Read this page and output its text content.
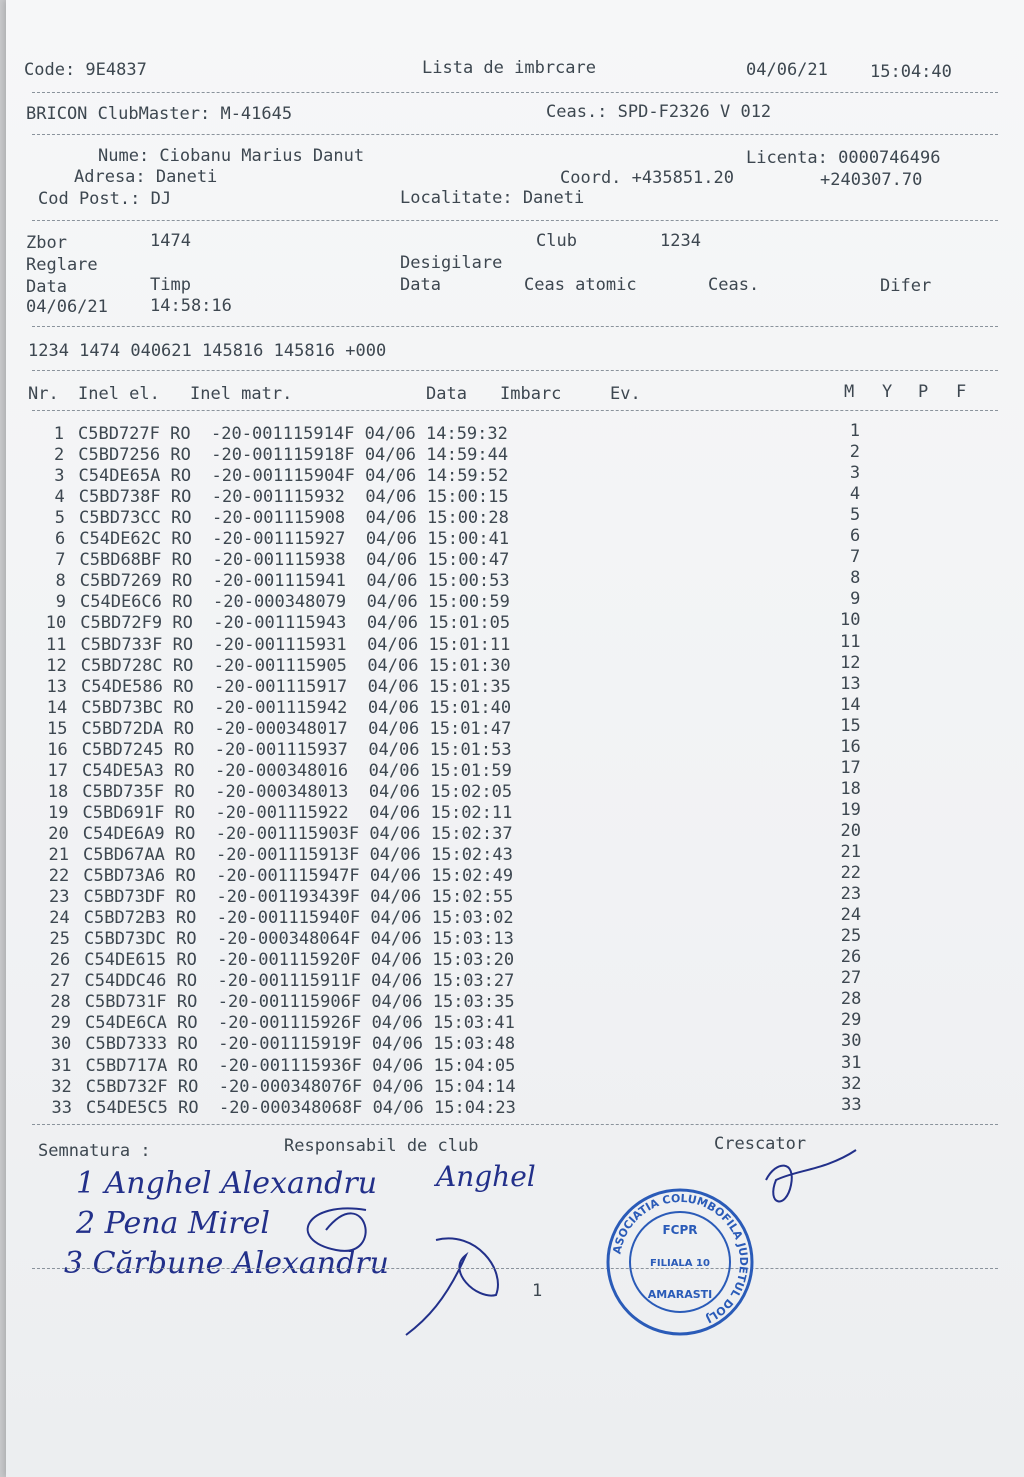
Code: 9E4837	Lista de imbrcare	04/06/21 15:04:40
BRICON ClubMaster: M-41645	Ceas.: SPD-F2326 V 012
Nume: Ciobanu Marius Danut	Licenta: 0000746496
Adresa: Daneti	Coord. +435851.20	+240307.70
Cod Post.: DJ	Localitate: Daneti
Zbor	1474	Club	1234
Reglare	Desigilare
Data	Timp	Data	Ceas atomic	Ceas.	Difer
04/06/21 14:58:16
1234 1474 040621 145816 145816 +000
Nr. Inel el. Inel matr.	Data Imbarc	Ev.	M Y P F
1 C5BD727F RO  -20-001115914F 04/06 14:59:32	1
2 C5BD7256 RO  -20-001115918F 04/06 14:59:44	2
3 C54DE65A RO  -20-001115904F 04/06 14:59:52	3
4 C5BD738F RO  -20-001115932  04/06 15:00:15	4
5 C5BD73CC RO  -20-001115908  04/06 15:00:28	5
6 C54DE62C RO  -20-001115927  04/06 15:00:41	6
7 C5BD68BF RO  -20-001115938  04/06 15:00:47	7
8 C5BD7269 RO  -20-001115941  04/06 15:00:53	8
9 C54DE6C6 RO  -20-000348079  04/06 15:00:59	9
10 C5BD72F9 RO  -20-001115943  04/06 15:01:05	10
11 C5BD733F RO  -20-001115931  04/06 15:01:11	11
12 C5BD728C RO  -20-001115905  04/06 15:01:30	12
13 C54DE586 RO  -20-001115917  04/06 15:01:35	13
14 C5BD73BC RO  -20-001115942  04/06 15:01:40	14
15 C5BD72DA RO  -20-000348017  04/06 15:01:47	15
16 C5BD7245 RO  -20-001115937  04/06 15:01:53	16
17 C54DE5A3 RO  -20-000348016  04/06 15:01:59	17
18 C5BD735F RO  -20-000348013  04/06 15:02:05	18
19 C5BD691F RO  -20-001115922  04/06 15:02:11	19
20 C54DE6A9 RO  -20-001115903F 04/06 15:02:37	20
21 C5BD67AA RO  -20-001115913F 04/06 15:02:43	21
22 C5BD73A6 RO  -20-001115947F 04/06 15:02:49	22
23 C5BD73DF RO  -20-001193439F 04/06 15:02:55	23
24 C5BD72B3 RO  -20-001115940F 04/06 15:03:02	24
25 C5BD73DC RO  -20-000348064F 04/06 15:03:13	25
26 C54DE615 RO  -20-001115920F 04/06 15:03:20	26
27 C54DDC46 RO  -20-001115911F 04/06 15:03:27	27
28 C5BD731F RO  -20-001115906F 04/06 15:03:35	28
29 C54DE6CA RO  -20-001115926F 04/06 15:03:41	29
30 C5BD7333 RO  -20-001115919F 04/06 15:03:48	30
31 C5BD717A RO  -20-001115936F 04/06 15:04:05	31
32 C5BD732F RO  -20-000348076F 04/06 15:04:14	32
33 C54DE5C5 RO  -20-000348068F 04/06 15:04:23	33
Semnatura :	Responsabil de club	Crescator
1 Anghel Alexandru Anghel
2 Pena Mirel
3 Cărbune Alexandru
1
ASOCIATIA COLUMBOFILA JUDETUL DOLJ
FCPR
FILIALA 10
AMARASTI
